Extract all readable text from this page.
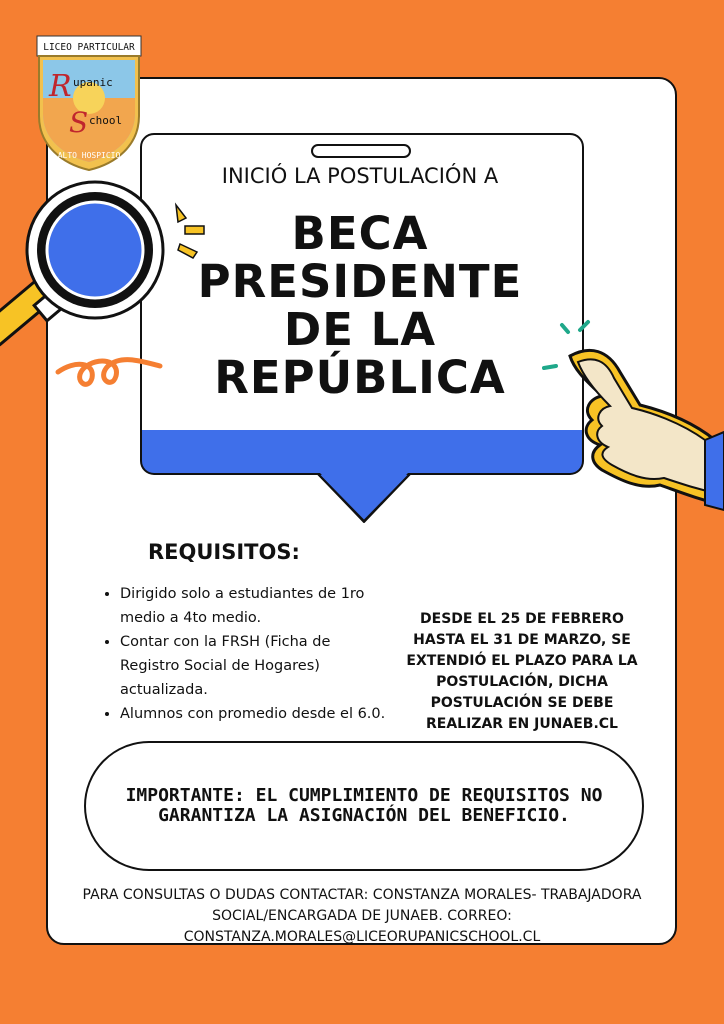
INICIÓ LA POSTULACIÓN A
BECA
PRESIDENTE
DE LA
REPÚBLICA
LICEO PARTICULAR
R upanic
S chool
ALTO HOSPICIO
REQUISITOS:
• Dirigido solo a estudiantes de 1ro medio a 4to medio.
• Contar con la FRSH (Ficha de Registro Social de Hogares) actualizada.
• Alumnos con promedio desde el 6.0.
DESDE EL 25 DE FEBRERO HASTA EL 31 DE MARZO, SE EXTENDIÓ EL PLAZO PARA LA POSTULACIÓN, DICHA POSTULACIÓN SE DEBE REALIZAR EN JUNAEB.CL
IMPORTANTE: EL CUMPLIMIENTO DE REQUISITOS NO GARANTIZA LA ASIGNACIÓN DEL BENEFICIO.
PARA CONSULTAS O DUDAS CONTACTAR: CONSTANZA MORALES- TRABAJADORA SOCIAL/ENCARGADA DE JUNAEB. CORREO: CONSTANZA.MORALES@LICEORUPANICSCHOOL.CL
